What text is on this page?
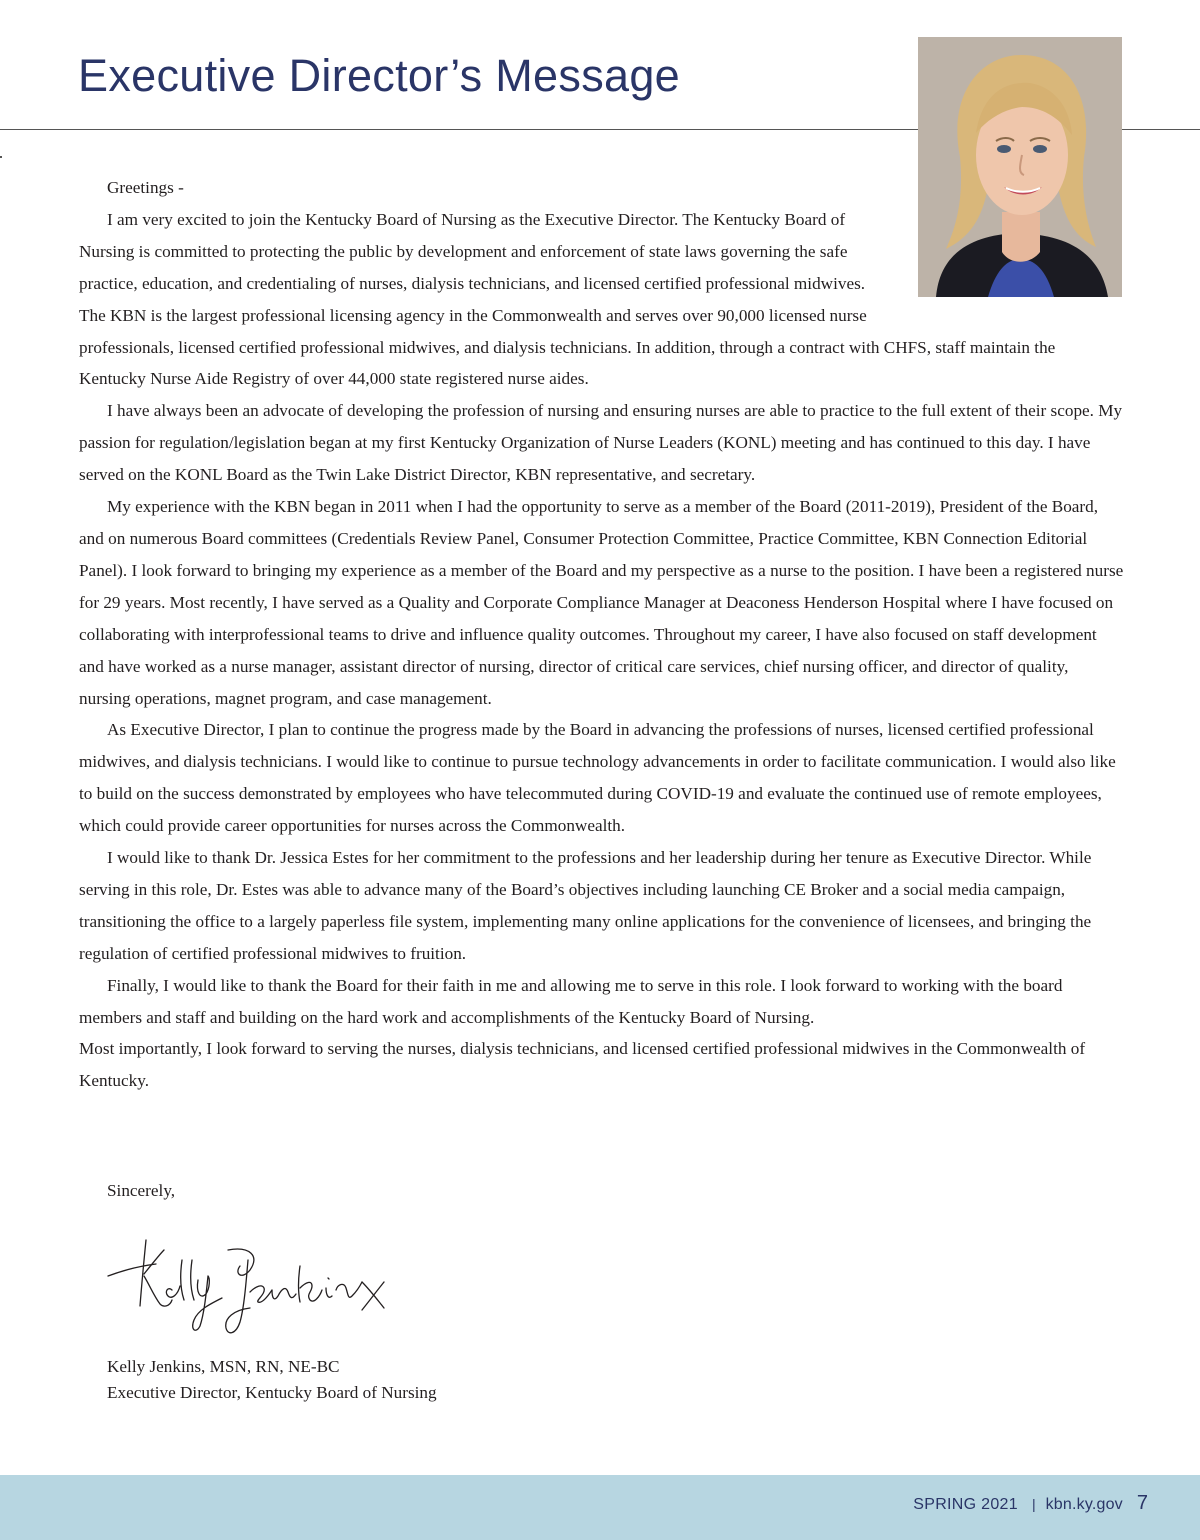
Executive Director’s Message

Greetings -

I am very excited to join the Kentucky Board of Nursing as the Executive Director. The Kentucky Board of Nursing is committed to protecting the public by development and enforcement of state laws governing the safe practice, education, and credentialing of nurses, dialysis technicians, and licensed certified professional midwives. The KBN is the largest professional licensing agency in the Commonwealth and serves over 90,000 licensed nurse professionals, licensed certified professional midwives, and dialysis technicians. In addition, through a contract with CHFS, staff maintain the Kentucky Nurse Aide Registry of over 44,000 state registered nurse aides.

I have always been an advocate of developing the profession of nursing and ensuring nurses are able to practice to the full extent of their scope. My passion for regulation/legislation began at my first Kentucky Organization of Nurse Leaders (KONL) meeting and has continued to this day. I have served on the KONL Board as the Twin Lake District Director, KBN representative, and secretary.

My experience with the KBN began in 2011 when I had the opportunity to serve as a member of the Board (2011-2019), President of the Board, and on numerous Board committees (Credentials Review Panel, Consumer Protection Committee, Practice Committee, KBN Connection Editorial Panel). I look forward to bringing my experience as a member of the Board and my perspective as a nurse to the position. I have been a registered nurse for 29 years. Most recently, I have served as a Quality and Corporate Compliance Manager at Deaconess Henderson Hospital where I have focused on collaborating with interprofessional teams to drive and influence quality outcomes. Throughout my career, I have also focused on staff development and have worked as a nurse manager, assistant director of nursing, director of critical care services, chief nursing officer, and director of quality, nursing operations, magnet program, and case management.

As Executive Director, I plan to continue the progress made by the Board in advancing the professions of nurses, licensed certified professional midwives, and dialysis technicians. I would like to continue to pursue technology advancements in order to facilitate communication. I would also like to build on the success demonstrated by employees who have telecommuted during COVID-19 and evaluate the continued use of remote employees, which could provide career opportunities for nurses across the Commonwealth.

I would like to thank Dr. Jessica Estes for her commitment to the professions and her leadership during her tenure as Executive Director. While serving in this role, Dr. Estes was able to advance many of the Board’s objectives including launching CE Broker and a social media campaign, transitioning the office to a largely paperless file system, implementing many online applications for the convenience of licensees, and bringing the regulation of certified professional midwives to fruition.

Finally, I would like to thank the Board for their faith in me and allowing me to serve in this role. I look forward to working with the board members and staff and building on the hard work and accomplishments of the Kentucky Board of Nursing.

Most importantly, I look forward to serving the nurses, dialysis technicians, and licensed certified professional midwives in the Commonwealth of Kentucky.

Sincerely,

Kelly Jenkins, MSN, RN, NE-BC

Executive Director, Kentucky Board of Nursing

SPRING 2021 | kbn.ky.gov 7
